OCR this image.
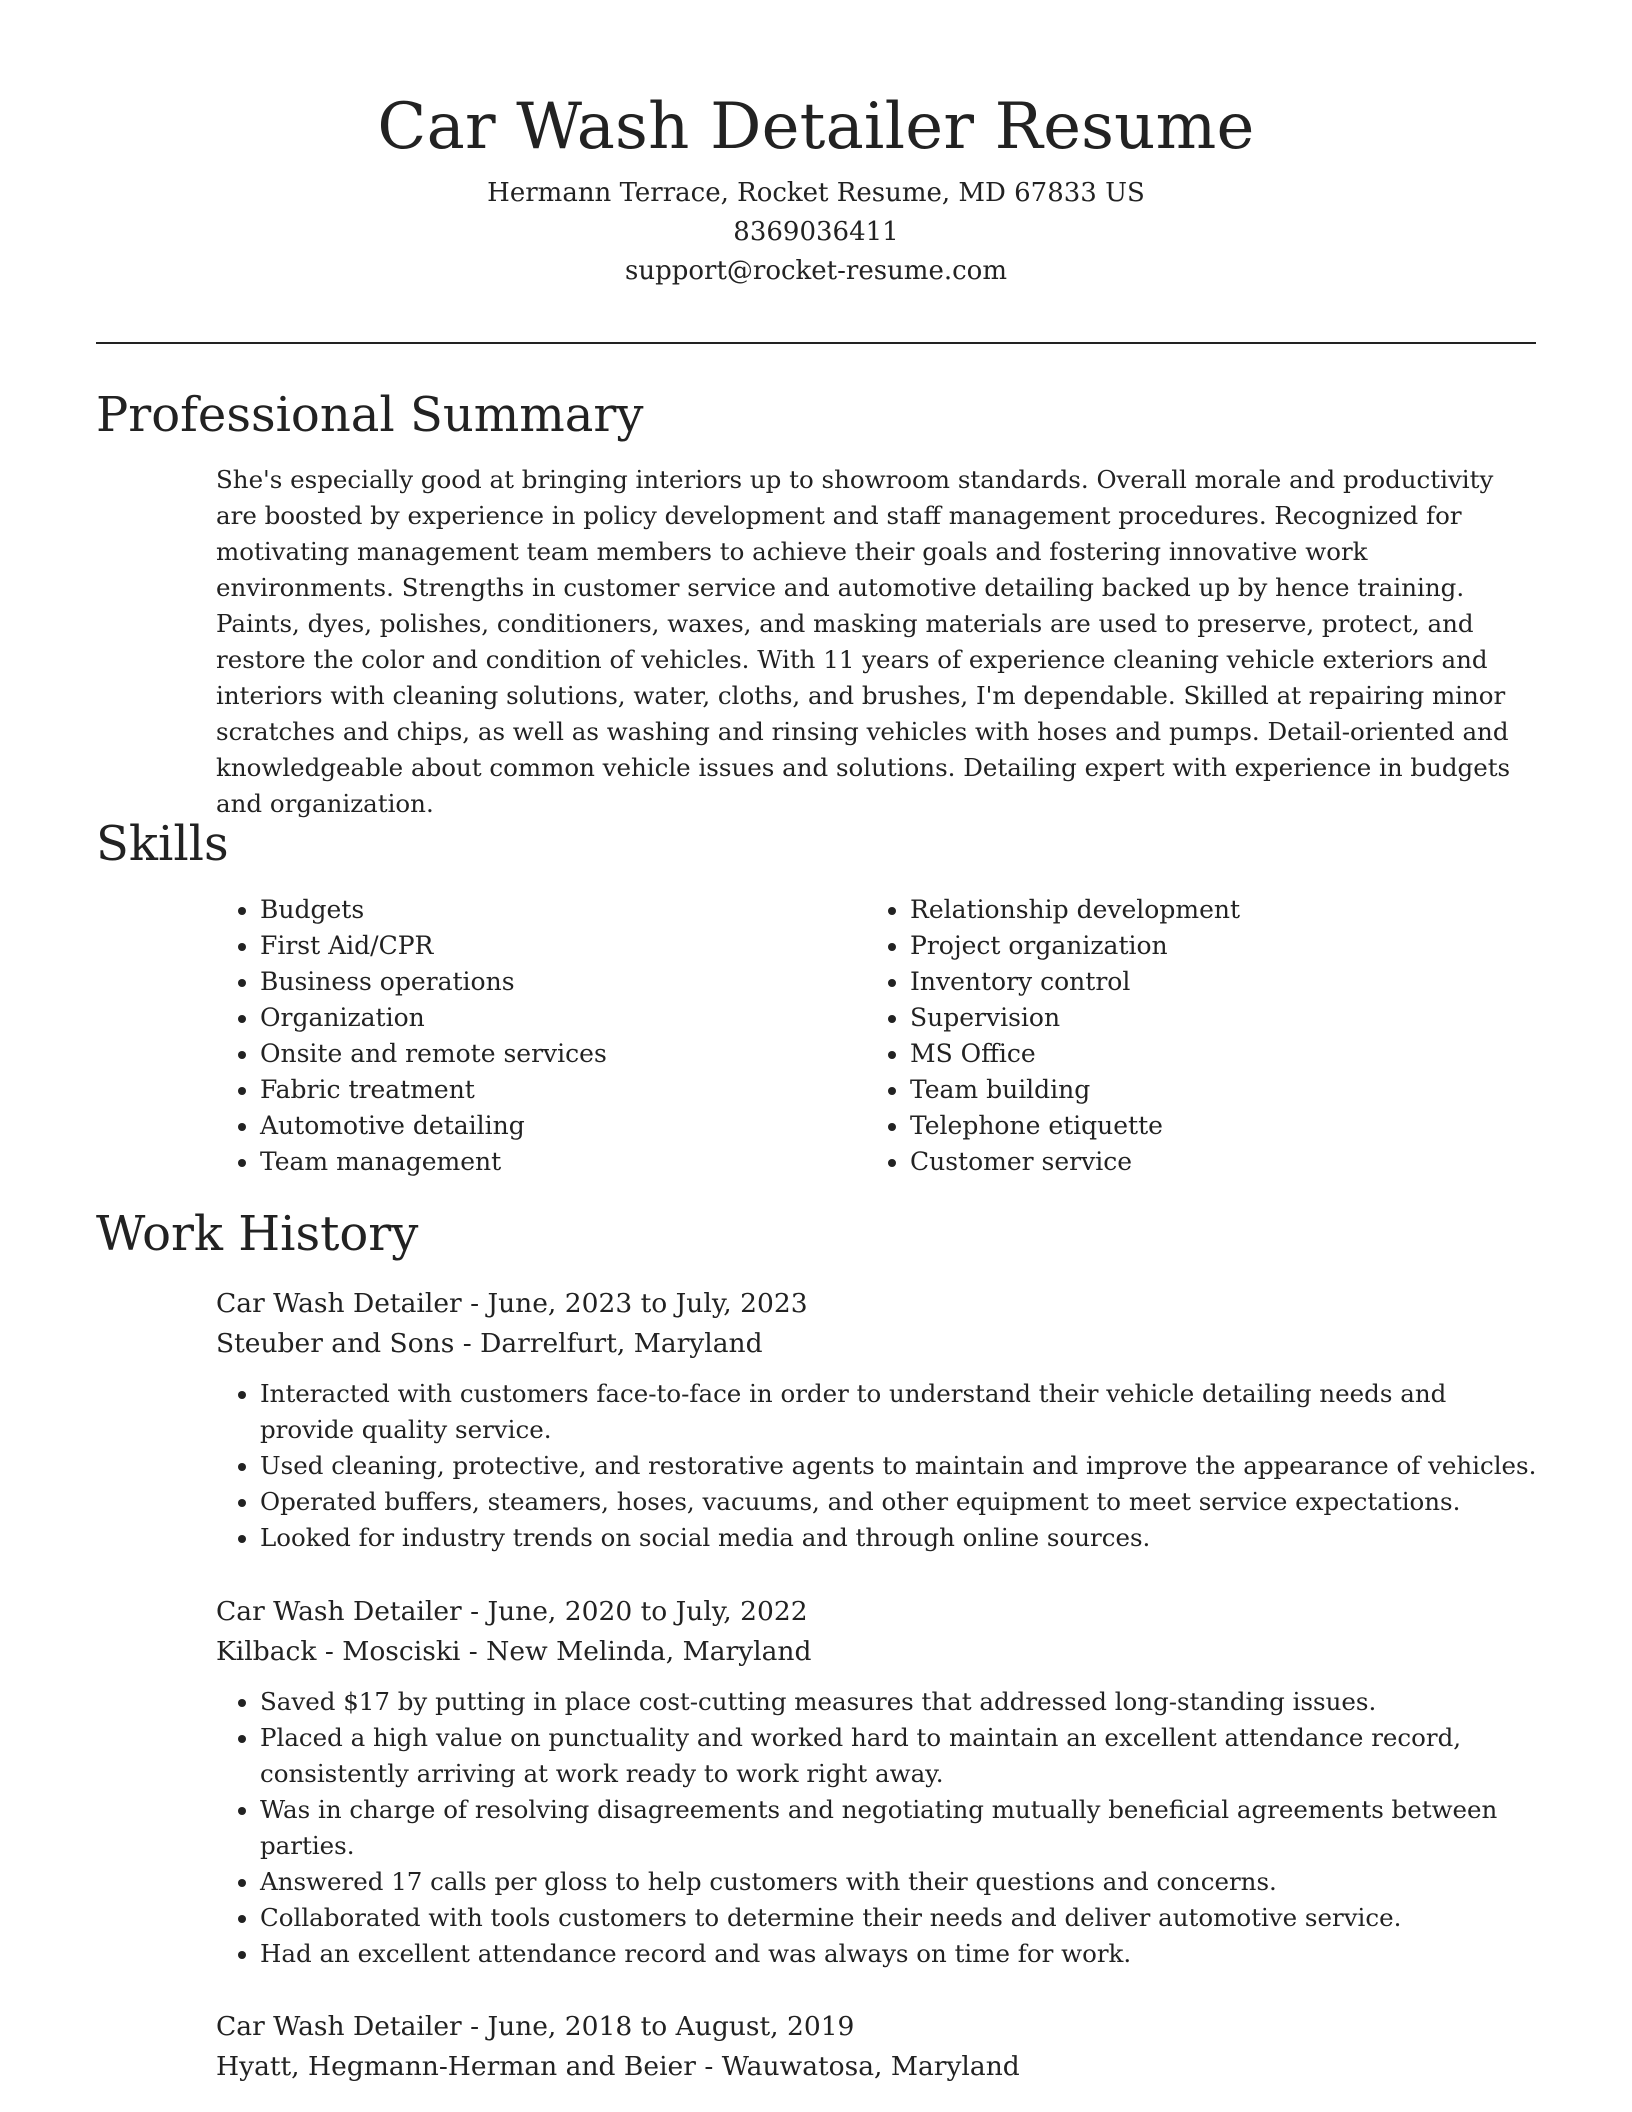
Car Wash Detailer Resume
Hermann Terrace, Rocket Resume, MD 67833 US
8369036411
support@rocket-resume.com
Professional Summary

She's especially good at bringing interiors up to showroom standards. Overall morale and productivity are boosted by experience in policy development and staff management procedures. Recognized for motivating management team members to achieve their goals and fostering innovative work environments. Strengths in customer service and automotive detailing backed up by hence training. Paints, dyes, polishes, conditioners, waxes, and masking materials are used to preserve, protect, and restore the color and condition of vehicles. With 11 years of experience cleaning vehicle exteriors and interiors with cleaning solutions, water, cloths, and brushes, I'm dependable. Skilled at repairing minor scratches and chips, as well as washing and rinsing vehicles with hoses and pumps. Detail-oriented and knowledgeable about common vehicle issues and solutions. Detailing expert with experience in budgets and organization.

Skills
• Budgets
• First Aid/CPR
• Business operations
• Organization
• Onsite and remote services
• Fabric treatment
• Automotive detailing
• Team management
• Relationship development
• Project organization
• Inventory control
• Supervision
• MS Office
• Team building
• Telephone etiquette
• Customer service
Work History
Car Wash Detailer - June, 2023 to July, 2023
Steuber and Sons - Darrelfurt, Maryland
• Interacted with customers face-to-face in order to understand their vehicle detailing needs and provide quality service.
• Used cleaning, protective, and restorative agents to maintain and improve the appearance of vehicles.
• Operated buffers, steamers, hoses, vacuums, and other equipment to meet service expectations.
• Looked for industry trends on social media and through online sources.
Car Wash Detailer - June, 2020 to July, 2022
Kilback - Mosciski - New Melinda, Maryland
• Saved $17 by putting in place cost-cutting measures that addressed long-standing issues.
• Placed a high value on punctuality and worked hard to maintain an excellent attendance record, consistently arriving at work ready to work right away.
• Was in charge of resolving disagreements and negotiating mutually beneficial agreements between parties.
• Answered 17 calls per gloss to help customers with their questions and concerns.
• Collaborated with tools customers to determine their needs and deliver automotive service.
• Had an excellent attendance record and was always on time for work.
Car Wash Detailer - June, 2018 to August, 2019
Hyatt, Hegmann-Herman and Beier - Wauwatosa, Maryland
